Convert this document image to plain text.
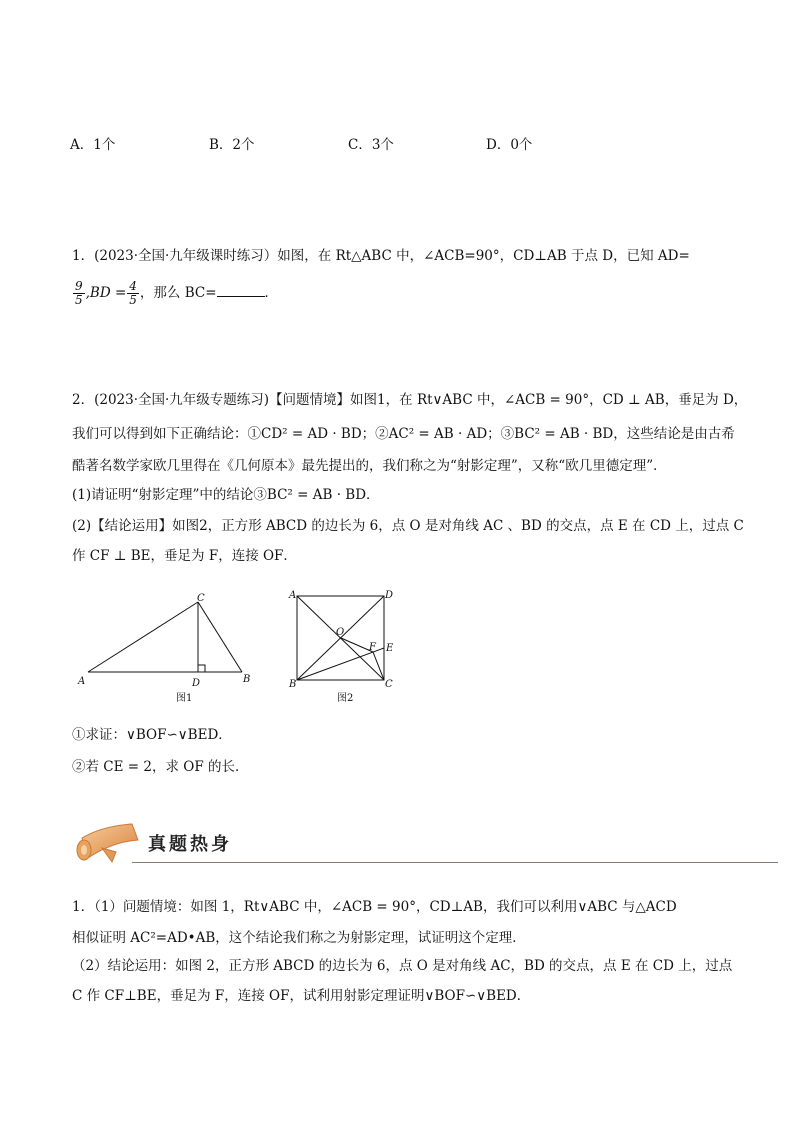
A．1个	B．2个	C．3个	D．0个
1．(2023·全国·九年级课时练习）如图，在 Rt△ABC 中，∠ACB=90°，CD⊥AB 于点 D，已知 AD=
$\frac{9}{5} ,BD = \frac{4}{5}$ ，那么 BC=	．
2．(2023·全国·九年级专题练习)【问题情境】如图1，在 Rt∨ABC 中，∠ACB = 90°，CD ⊥ AB，垂足为 D，
我们可以得到如下正确结论：①CD² = AD · BD；②AC² = AB · AD；③BC² = AB · BD，这些结论是由古希
酷著名数学家欧几里得在《几何原本》最先提出的，我们称之为“射影定理”，又称“欧几里德定理”．
(1)请证明“射影定理”中的结论③BC² = AB · BD．
(2)【结论运用】如图2，正方形 ABCD 的边长为 6，点 O 是对角线 AC 、BD 的交点，点 E 在 CD 上，过点 C
作 CF ⊥ BE，垂足为 F，连接 OF．
A	B
C
D
图1
A
B	C
D
O
E
F
图2
①求证：∨BOF∽∨BED．
②若 CE = 2，求 OF 的长．
真题热身
1．（1）问题情境：如图 1，Rt∨ABC 中，∠ACB = 90°，CD⊥AB，我们可以利用∨ABC 与△ACD
相似证明 AC²=AD•AB，这个结论我们称之为射影定理，试证明这个定理．
（2）结论运用：如图 2，正方形 ABCD 的边长为 6，点 O 是对角线 AC，BD 的交点，点 E 在 CD 上，过点
C 作 CF⊥BE，垂足为 F，连接 OF，试利用射影定理证明∨BOF∽∨BED．
